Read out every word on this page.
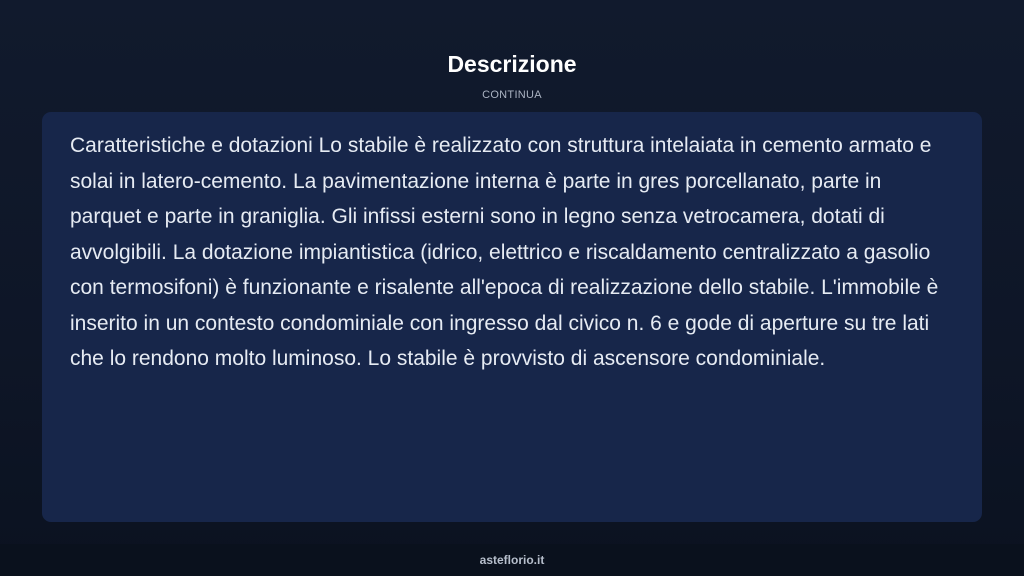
Descrizione
CONTINUA

Caratteristiche e dotazioni Lo stabile è realizzato con struttura intelaiata in cemento armato e solai in latero-cemento. La pavimentazione interna è parte in gres porcellanato, parte in parquet e parte in graniglia. Gli infissi esterni sono in legno senza vetrocamera, dotati di avvolgibili. La dotazione impiantistica (idrico, elettrico e riscaldamento centralizzato a gasolio con termosifoni) è funzionante e risalente all'epoca di realizzazione dello stabile. L'immobile è inserito in un contesto condominiale con ingresso dal civico n. 6 e gode di aperture su tre lati che lo rendono molto luminoso. Lo stabile è provvisto di ascensore condominiale.

asteflorio.it
